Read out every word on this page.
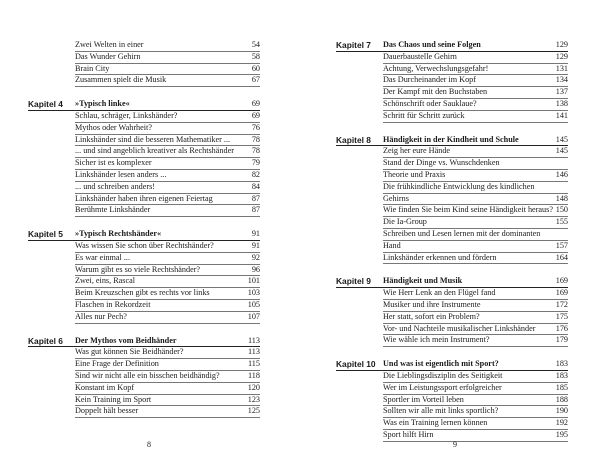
Zwei Welten in einer	54
Das Wunder Gehirn	58
Brain City	60
Zusammen spielt die Musik	67
Kapitel 4 »Typisch linke«	69
Schlau, schräger, Linkshänder?	69
Mythos oder Wahrheit?	76
Linkshänder sind die besseren Mathematiker ...	78
... und sind angeblich kreativer als Rechtshänder 78
Sicher ist es komplexer	79
Linkshänder lesen anders ...	82
... und schreiben anders!	84
Linkshänder haben ihren eigenen Feiertag	87
Berühmte Linkshänder	87
Kapitel 5 »Typisch Rechtshänder«	91
Was wissen Sie schon über Rechtshänder?	91
Es war einmal ...	92
Warum gibt es so viele Rechtshänder?	96
Zwei, eins, Rascal	101
Beim Kreuzschen gibt es rechts vor links	103
Flaschen in Rekordzeit	105
Alles nur Pech?	107
Kapitel 6 Der Mythos vom Beidhänder	113
Was gut können Sie Beidhänder?	113
Eine Frage der Definition	115
Sind wir nicht alle ein bisschen beidhändig?	118
Konstant im Kopf	120
Kein Training im Sport	123
Doppelt hält besser	125
8
Kapitel 7 Das Chaos und seine Folgen	129
Dauerbaustelle Gehirn	129
Achtung, Verwechslungsgefahr!	131
Das Durcheinander im Kopf	134
Der Kampf mit den Buchstaben	137
Schönschrift oder Sauklaue?	138
Schritt für Schritt zurück	141
Kapitel 8 Händigkeit in der Kindheit und Schule	145
Zeig her eure Hände	145
Stand der Dinge vs. Wunschdenken
Theorie und Praxis	146
Die frühkindliche Entwicklung des kindlichen
Gehirns	148
Wie finden Sie beim Kind seine Händigkeit heraus? 150
Die Ia-Group	155
Schreiben und Lesen lernen mit der dominanten
Hand	157
Linkshänder erkennen und fördern	164
Kapitel 9 Händigkeit und Musik	169
Wie Herr Lenk an den Flügel fand	169
Musiker und ihre Instrumente	172
Her statt, sofort ein Problem?	175
Vor- und Nachteile musikalischer Linkshänder 176
Wie wähle ich mein Instrument?	179
Kapitel 10 Und was ist eigentlich mit Sport?	183
Die Lieblingsdisziplin des Seitigkeit	183
Wer im Leistungssport erfolgreicher	185
Sportler im Vorteil leben	188
Sollten wir alle mit links sportlich?	190
Was ein Training lernen können	192
Sport hilft Hirn	195
9
